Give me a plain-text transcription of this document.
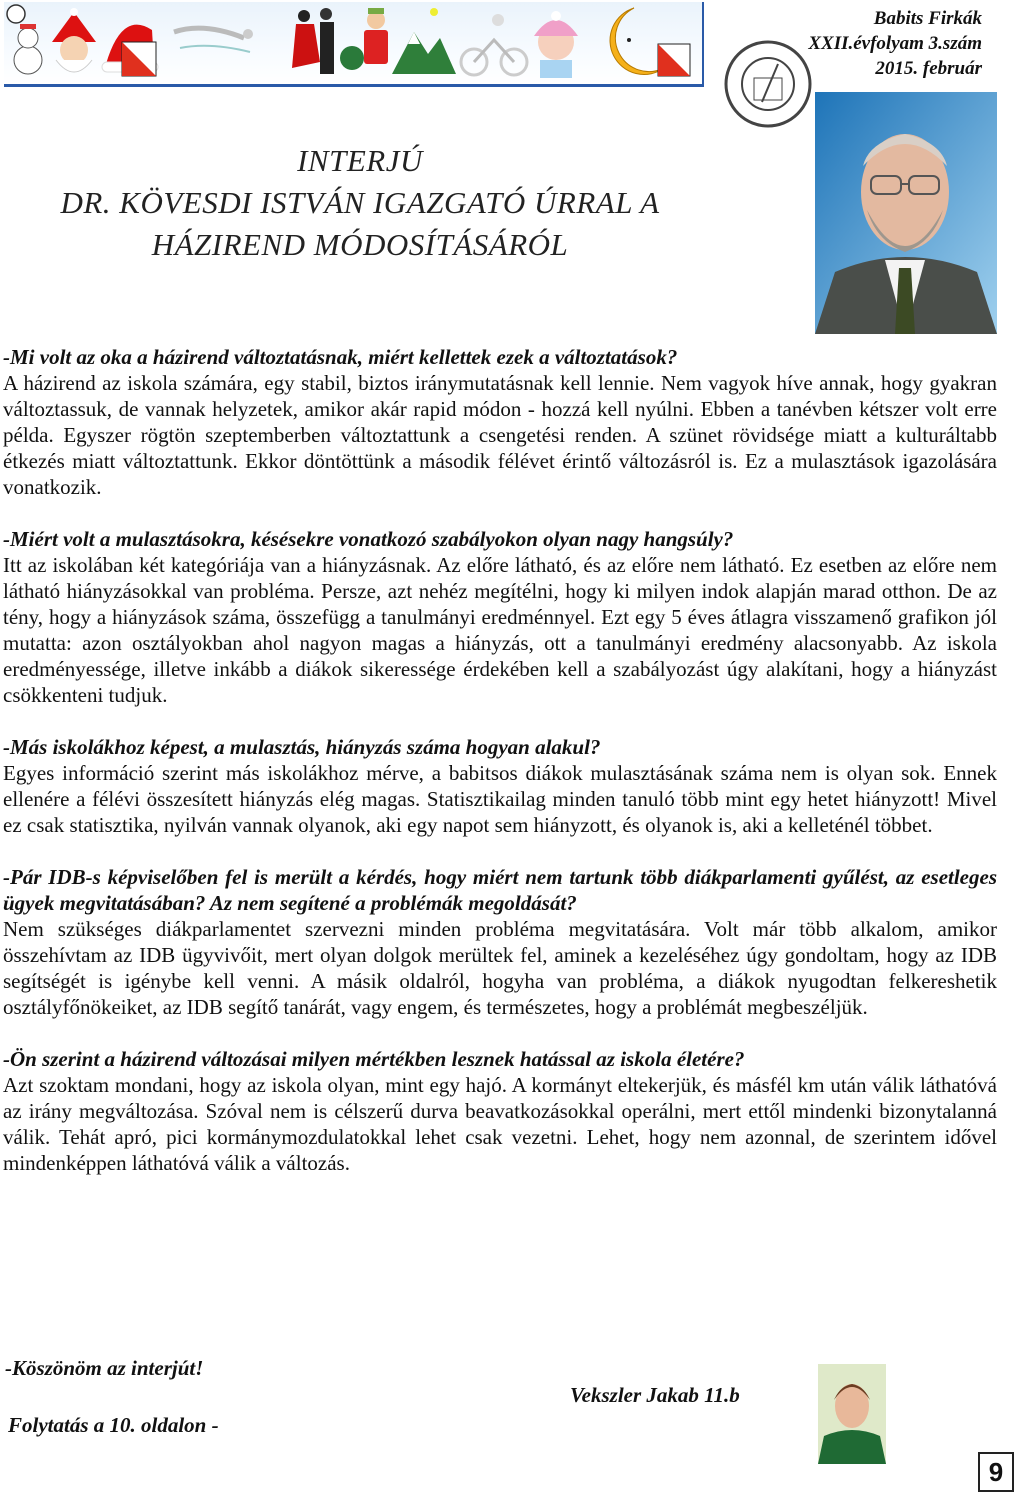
Babits Firkák
XXII.évfolyam 3.szám
2015. február
INTERJÚ
DR. KÖVESDI ISTVÁN IGAZGATÓ ÚRRAL A
HÁZIREND MÓDOSÍTÁSÁRÓL
-Mi volt az oka a házirend változtatásnak, miért kellettek ezek a változtatások?
A házirend az iskola számára, egy stabil, biztos iránymutatásnak kell lennie. Nem vagyok híve annak, hogy gyakran változtassuk, de vannak helyzetek, amikor akár rapid módon - hozzá kell nyúlni. Ebben a tanévben kétszer volt erre példa. Egyszer rögtön szeptemberben változtattunk a csengetési renden. A szünet rövidsége miatt a kulturáltabb étkezés miatt változtattunk. Ekkor döntöttünk a második félévet érintő változásról is. Ez a mulasztások igazolására vonatkozik.
-Miért volt a mulasztásokra, késésekre vonatkozó szabályokon olyan nagy hangsúly?
Itt az iskolában két kategóriája van a hiányzásnak. Az előre látható, és az előre nem látható. Ez esetben az előre nem látható hiányzásokkal van probléma. Persze, azt nehéz megítélni, hogy ki milyen indok alapján marad otthon. De az tény, hogy a hiányzások száma, összefügg a tanulmányi eredménnyel. Ezt egy 5 éves átlagra visszamenő grafikon jól mutatta: azon osztályokban ahol nagyon magas a hiányzás, ott a tanulmányi eredmény alacsonyabb. Az iskola eredményessége, illetve inkább a diákok sikeressége érdekében kell a szabályozást úgy alakítani, hogy a hiányzást csökkenteni tudjuk.
-Más iskolákhoz képest, a mulasztás, hiányzás száma hogyan alakul?
Egyes információ szerint más iskolákhoz mérve, a babitsos diákok mulasztásának száma nem is olyan sok. Ennek ellenére a félévi összesített hiányzás elég magas. Statisztikailag minden tanuló több mint egy hetet hiányzott! Mivel ez csak statisztika, nyilván vannak olyanok, aki egy napot sem hiányzott, és olyanok is, aki a kelleténél többet.
-Pár IDB-s képviselőben fel is merült a kérdés, hogy miért nem tartunk több diákparlamenti gyűlést, az esetleges ügyek megvitatásában? Az nem segítené a problémák megoldását?
Nem szükséges diákparlamentet szervezni minden probléma megvitatására. Volt már több alkalom, amikor összehívtam az IDB ügyvivőit, mert olyan dolgok merültek fel, aminek a kezeléséhez úgy gondoltam, hogy az IDB segítségét is igénybe kell venni. A másik oldalról, hogyha van probléma, a diákok nyugodtan felkereshetik osztályfőnökeiket, az IDB segítő tanárát, vagy engem, és természetes, hogy a problémát megbeszéljük.
-Ön szerint a házirend változásai milyen mértékben lesznek hatással az iskola életére?
Azt szoktam mondani, hogy az iskola olyan, mint egy hajó. A kormányt eltekerjük, és másfél km után válik láthatóvá az irány megváltozása. Szóval nem is célszerű durva beavatkozásokkal operálni, mert ettől mindenki bizonytalanná válik. Tehát apró, pici kormánymozdulatokkal lehet csak vezetni. Lehet, hogy nem azonnal, de szerintem idővel mindenképpen láthatóvá válik a változás.
-Köszönöm az interjút!
Vekszler Jakab 11.b
Folytatás a 10. oldalon -
9
